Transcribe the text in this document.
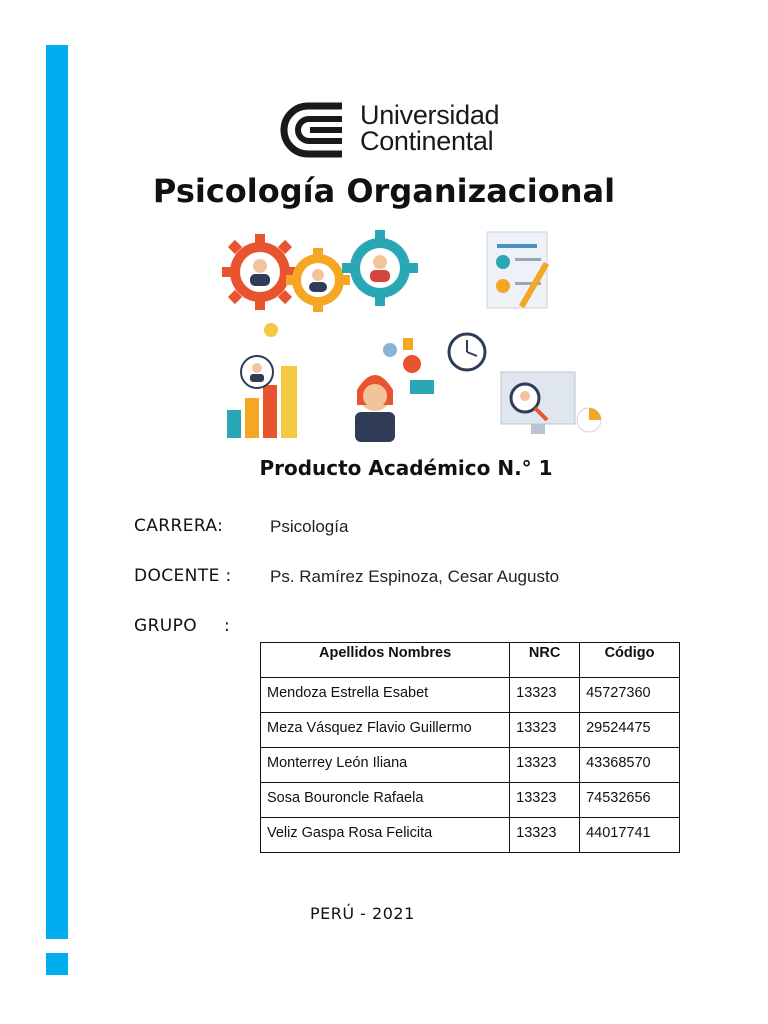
Universidad
Continental
Psicología Organizacional
Producto Académico N.° 1
CARRERA:	Psicología
DOCENTE : Ps. Ramírez Espinoza, Cesar Augusto
GRUPO :
Apellidos Nombres	NRC	Código
Mendoza Estrella Esabet	13323	45727360
Meza Vásquez Flavio Guillermo	13323	29524475
Monterrey León Iliana	13323	43368570
Sosa Bouroncle Rafaela	13323	74532656
Veliz Gaspa Rosa Felicita	13323	44017741
PERÚ - 2021
